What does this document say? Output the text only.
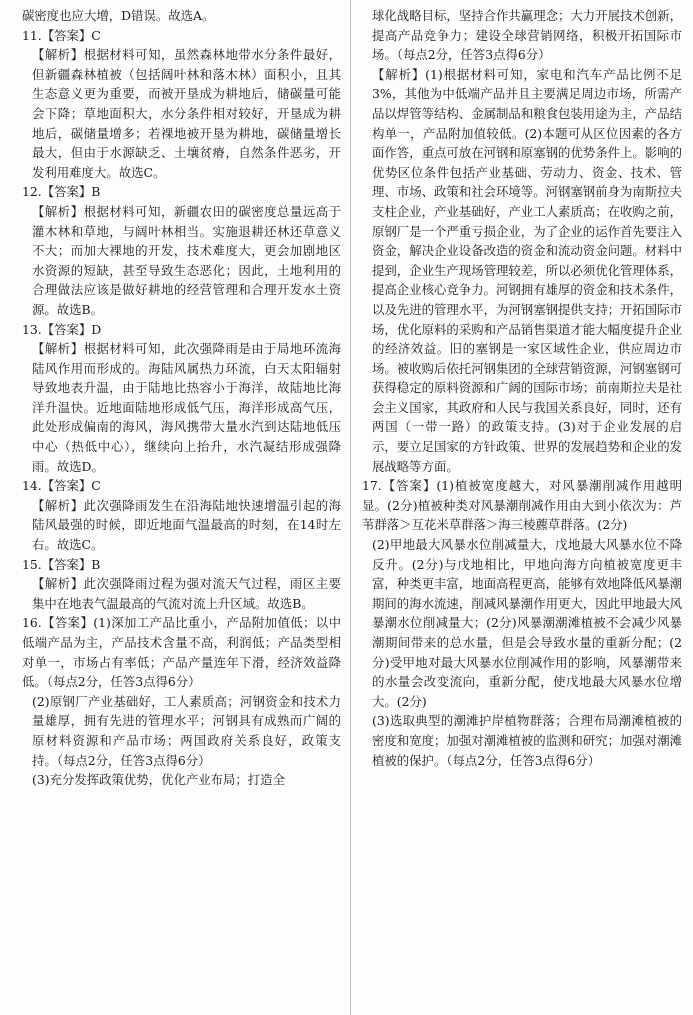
碳密度也应大增，D错误。故选A。

11.【答案】C

【解析】根据材料可知，虽然森林地带水分条件最好，但新疆森林植被（包括阔叶林和落木林）面积小，且其生态意义更为重要，而被开垦成为耕地后，储碳量可能会下降；草地面积大，水分条件相对较好，开垦成为耕地后，碳储量增多；若裸地被开垦为耕地，碳储量增长最大，但由于水源缺乏、土壤贫瘠，自然条件恶劣，开发利用难度大。故选C。

12.【答案】B

【解析】根据材料可知，新疆农田的碳密度总量远高于灌木林和草地，与阔叶林相当。实施退耕还林还草意义不大；而加大裸地的开发，技术难度大，更会加剧地区水资源的短缺，甚至导致生态恶化；因此，土地利用的合理做法应该是做好耕地的经营管理和合理开发水土资源。故选B。

13.【答案】D

【解析】根据材料可知，此次强降雨是由于局地环流海陆风作用而形成的。海陆风属热力环流，白天太阳辐射导致地表升温，由于陆地比热容小于海洋，故陆地比海洋升温快。近地面陆地形成低气压，海洋形成高气压，此处形成偏南的海风，海风携带大量水汽到达陆地低压中心（热低中心），继续向上抬升，水汽凝结形成强降雨。故选D。

14.【答案】C

【解析】此次强降雨发生在沿海陆地快速增温引起的海陆风最强的时候，即近地面气温最高的时刻，在14时左右。故选C。

15.【答案】B

【解析】此次强降雨过程为强对流天气过程，雨区主要集中在地表气温最高的气流对流上升区域。故选B。

16.【答案】(1)深加工产品比重小，产品附加值低；以中低端产品为主，产品技术含量不高，利润低；产品类型相对单一，市场占有率低；产品产量连年下滑，经济效益降低。（每点2分，任答3点得6分）

(2)原钢厂产业基础好，工人素质高；河钢资金和技术力量雄厚，拥有先进的管理水平；河钢具有成熟而广阔的原材料资源和产品市场；两国政府关系良好，政策支持。（每点2分，任答3点得6分）

(3)充分发挥政策优势，优化产业布局；打造全

球化战略目标，坚持合作共赢理念；大力开展技术创新，提高产品竞争力；建设全球营销网络，积极开拓国际市场。（每点2分，任答3点得6分）

【解析】(1)根据材料可知，家电和汽车产品比例不足3%，其他为中低端产品并且主要满足周边市场，所需产品以焊管等结构、金属制品和粮食包装用途为主，产品结构单一，产品附加值较低。(2)本题可从区位因素的各方面作答，重点可放在河钢和原塞钢的优势条件上。影响的优势区位条件包括产业基础、劳动力、资金、技术、管理、市场、政策和社会环境等。河钢塞钢前身为南斯拉夫支柱企业，产业基础好，产业工人素质高；在收购之前，原钢厂是一个严重亏损企业，为了企业的运作首先要注入资金，解决企业设备改造的资金和流动资金问题。材料中提到，企业生产现场管理较差，所以必须优化管理体系，提高企业核心竞争力。河钢拥有雄厚的资金和技术条件，以及先进的管理水平，为河钢塞钢提供支持；开拓国际市场，优化原料的采购和产品销售渠道才能大幅度提升企业的经济效益。旧的塞钢是一家区域性企业，供应周边市场。被收购后依托河钢集团的全球营销资源，河钢塞钢可获得稳定的原料资源和广阔的国际市场；前南斯拉夫是社会主义国家，其政府和人民与我国关系良好，同时，还有两国（一带一路）的政策支持。(3)对于企业发展的启示，要立足国家的方针政策、世界的发展趋势和企业的发展战略等方面。

17.【答案】(1)植被宽度越大，对风暴潮削减作用越明显。(2分)植被种类对风暴潮削减作用由大到小依次为：芦苇群落＞互花米草群落＞海三棱藨草群落。(2分)

(2)甲地最大风暴水位削减量大，戊地最大风暴水位不降反升。(2分)与戊地相比，甲地向海方向植被宽度更丰富，种类更丰富，地面高程更高，能够有效地降低风暴潮期间的海水流速，削减风暴潮作用更大，因此甲地最大风暴潮水位削减量大；(2分)风暴潮潮滩植被不会减少风暴潮期间带来的总水量，但是会导致水量的重新分配；(2分)受甲地对最大风暴水位削减作用的影响，风暴潮带来的水量会改变流向，重新分配，使戊地最大风暴水位增大。(2分)

(3)选取典型的潮滩护岸植物群落；合理布局潮滩植被的密度和宽度；加强对潮滩植被的监测和研究；加强对潮滩植被的保护。（每点2分，任答3点得6分）
